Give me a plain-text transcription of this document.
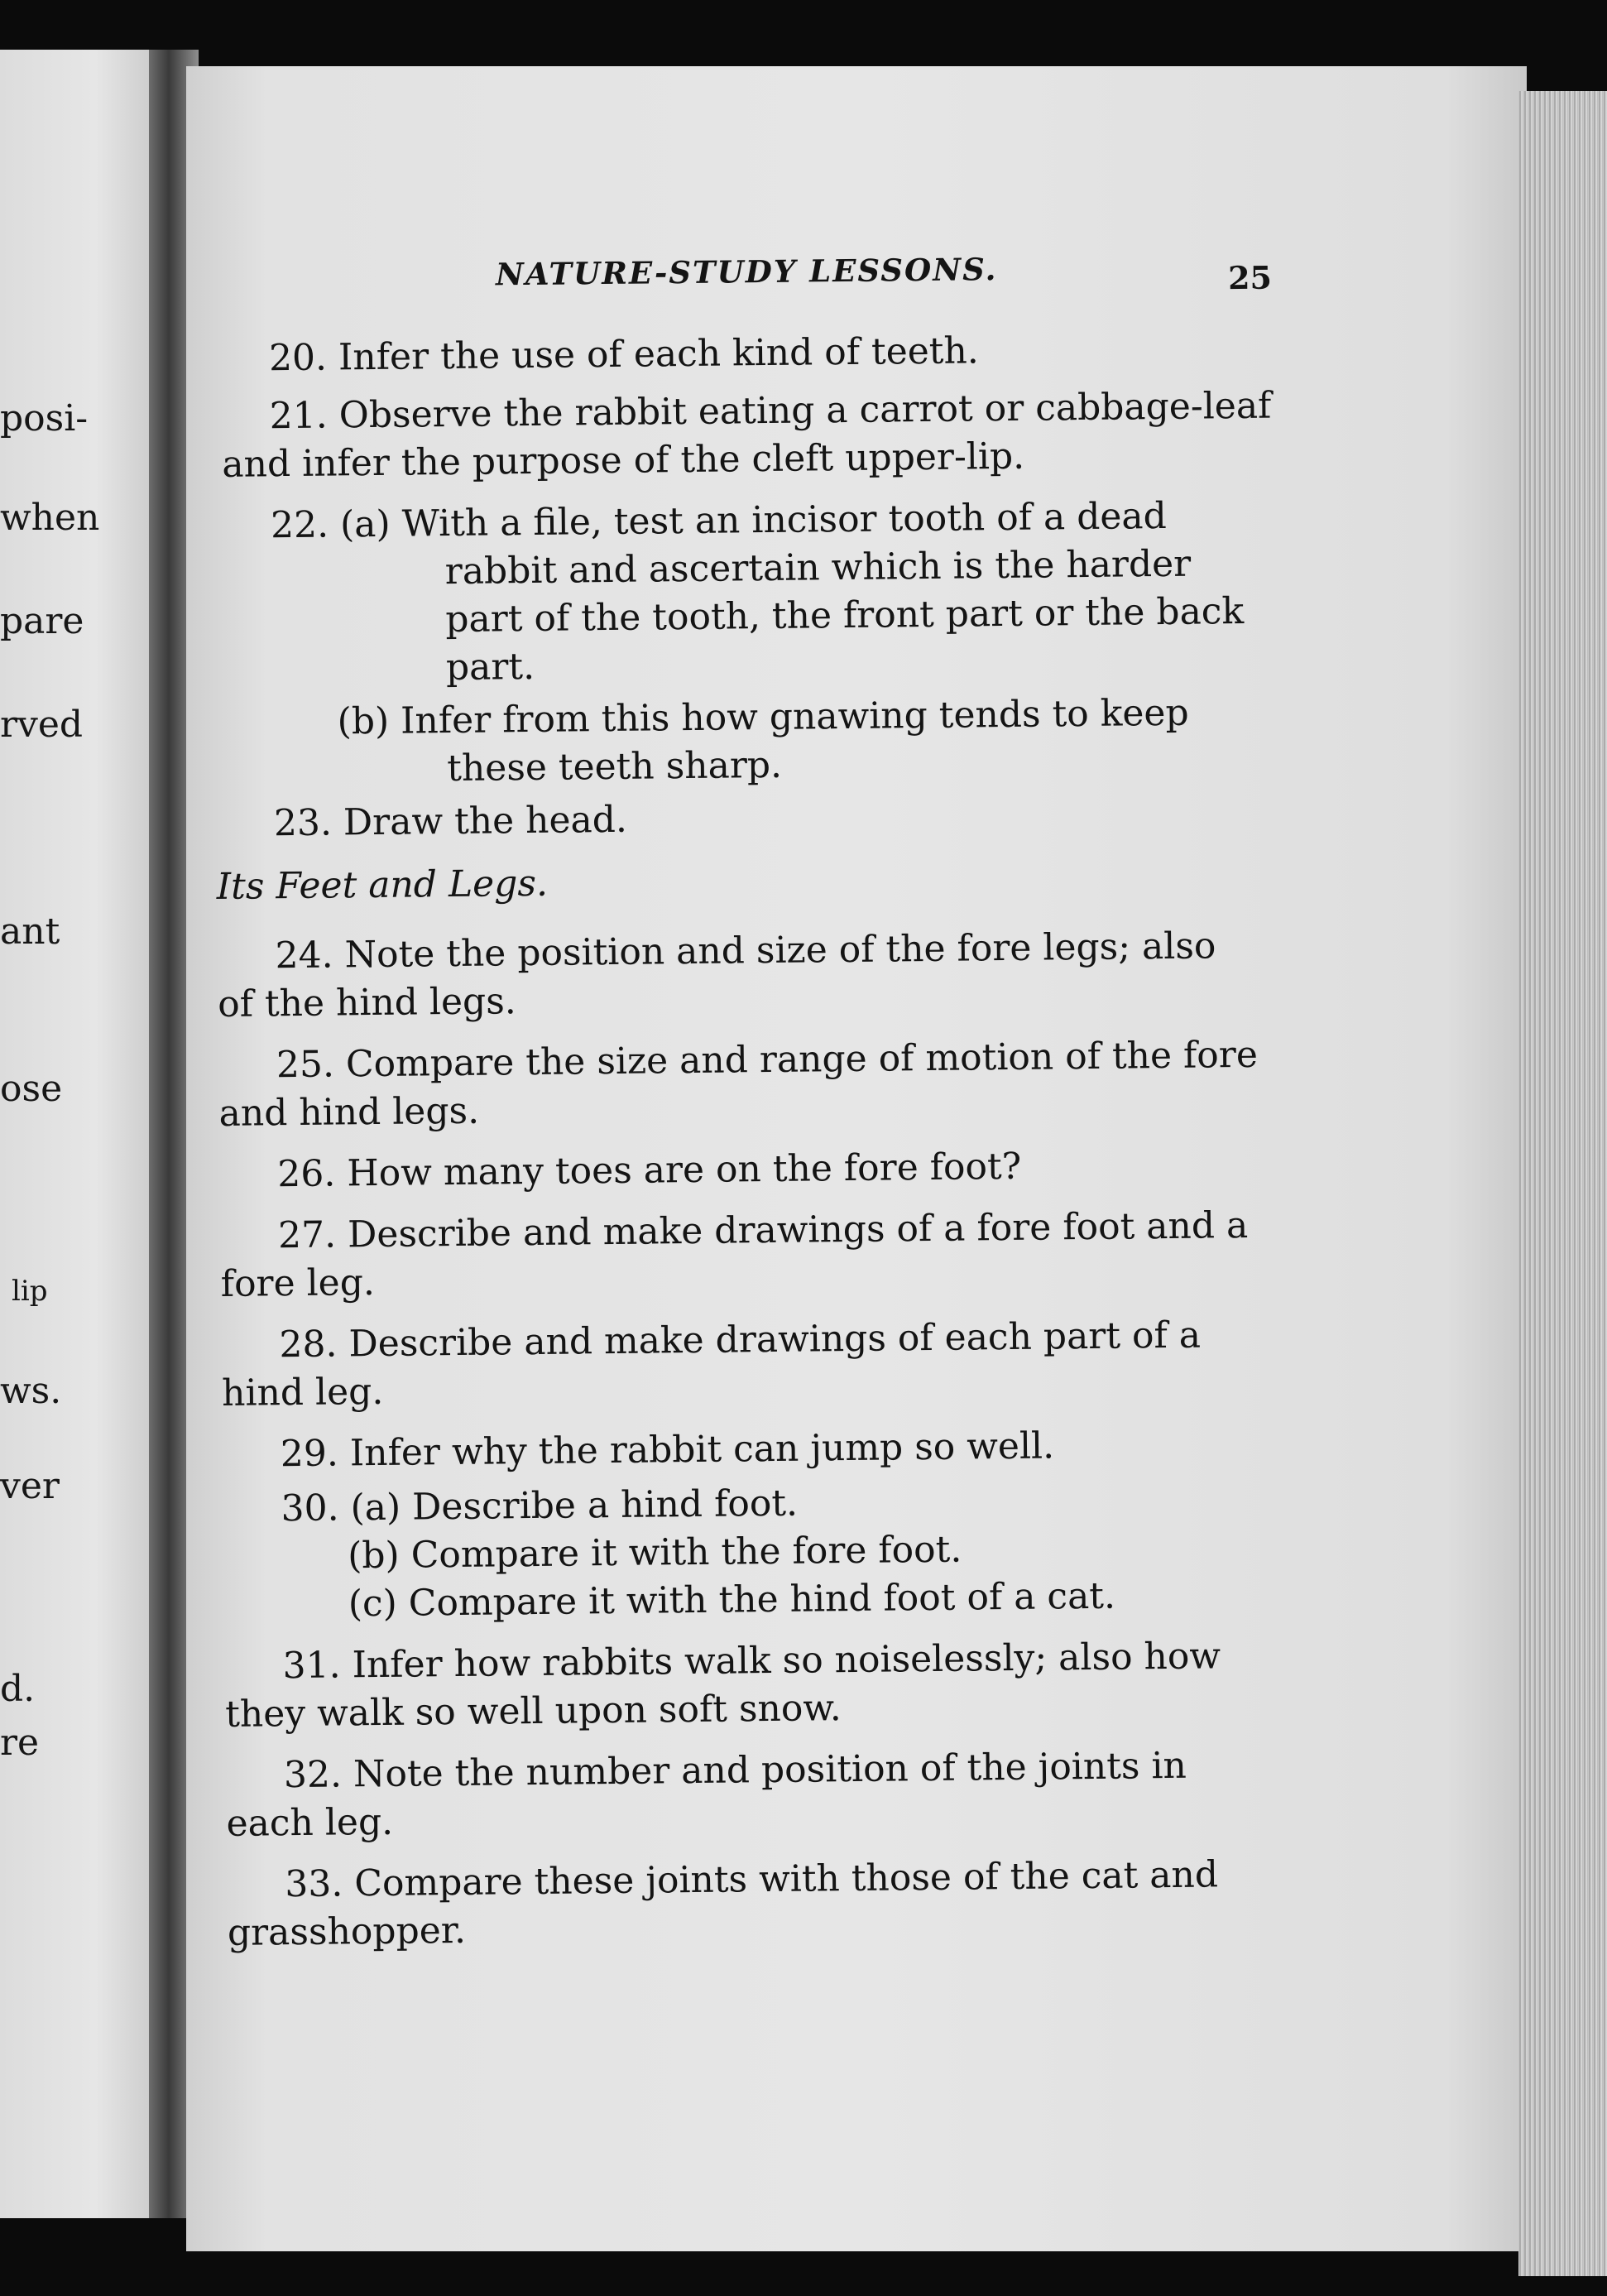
posi-
when
pare
rved
ant
ose
lip
ws.
ver
d.
re
NATURE-STUDY LESSONS.	25
20. Infer the use of each kind of teeth.
21. Observe the rabbit eating a carrot or cabbage-leaf
and infer the purpose of the cleft upper-lip.
22. (a) With a file, test an incisor tooth of a dead
rabbit and ascertain which is the harder
part of the tooth, the front part or the back
part.
(b) Infer from this how gnawing tends to keep
these teeth sharp.
23. Draw the head.
Its Feet and Legs.
24. Note the position and size of the fore legs; also
of the hind legs.
25. Compare the size and range of motion of the fore
and hind legs.
26. How many toes are on the fore foot?
27. Describe and make drawings of a fore foot and a
fore leg.
28. Describe and make drawings of each part of a
hind leg.
29. Infer why the rabbit can jump so well.
30. (a) Describe a hind foot.
(b) Compare it with the fore foot.
(c) Compare it with the hind foot of a cat.
31. Infer how rabbits walk so noiselessly; also how
they walk so well upon soft snow.
32. Note the number and position of the joints in
each leg.
33. Compare these joints with those of the cat and
grasshopper.
